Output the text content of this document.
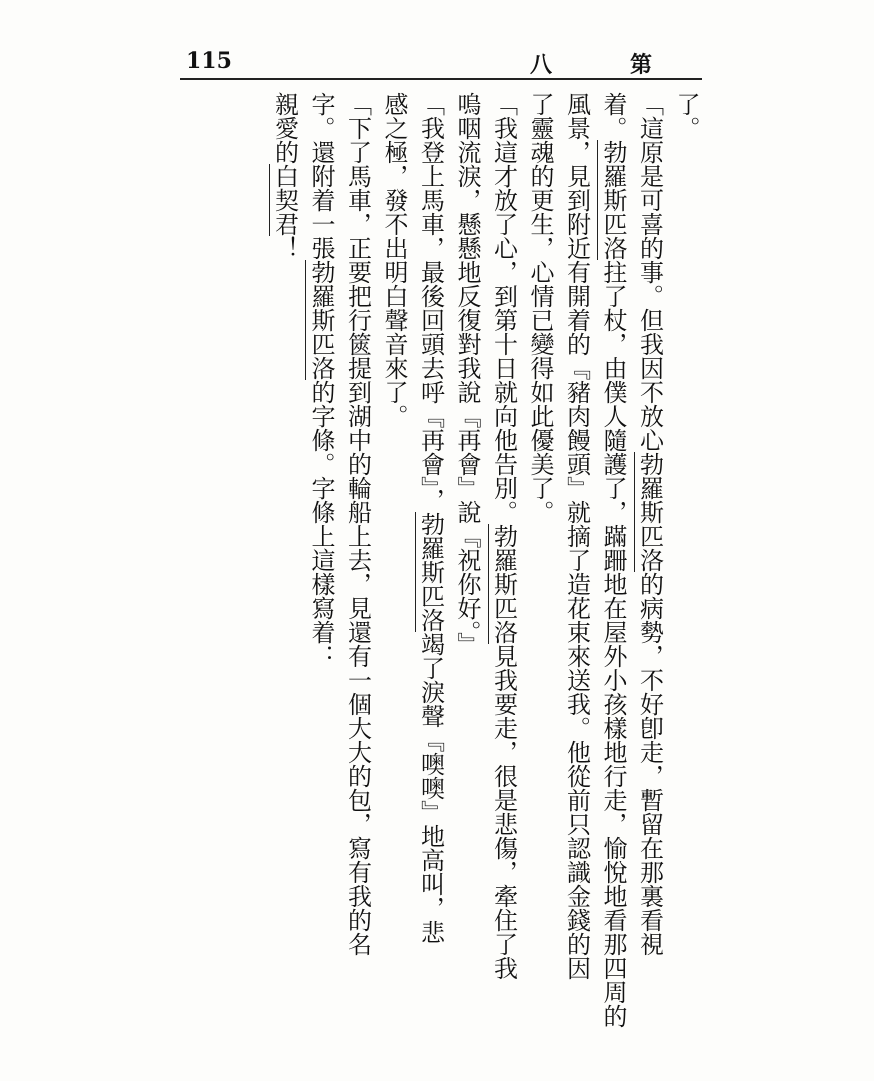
115	第
八
了。
「這原是可喜的事。但我因不放心勃羅斯匹洛的病勢，不好卽走，暫留在那裏看視
着。勃羅斯匹洛拄了杖，由僕人隨護了，蹣跚地在屋外小孩樣地行走，愉悅地看那四周的
風景，見到附近有開着的『豬肉饅頭』就摘了造花束來送我。他從前只認識金錢的因
了靈魂的更生，心情已變得如此優美了。
「我這才放了心，到第十日就向他告別。勃羅斯匹洛見我要走，很是悲傷，牽住了我
嗚咽流淚，懸懸地反復對我說『再會』說『祝你好。』
「我登上馬車，最後回頭去呼『再會』，勃羅斯匹洛竭了淚聲『噢噢』地高叫，悲
感之極，發不出明白聲音來了。
「下了馬車，正要把行篋提到湖中的輪船上去，見還有一個大大的包，寫有我的名
字。還附着一張勃羅斯匹洛的字條。字條上這樣寫着：
親愛的白契君！
